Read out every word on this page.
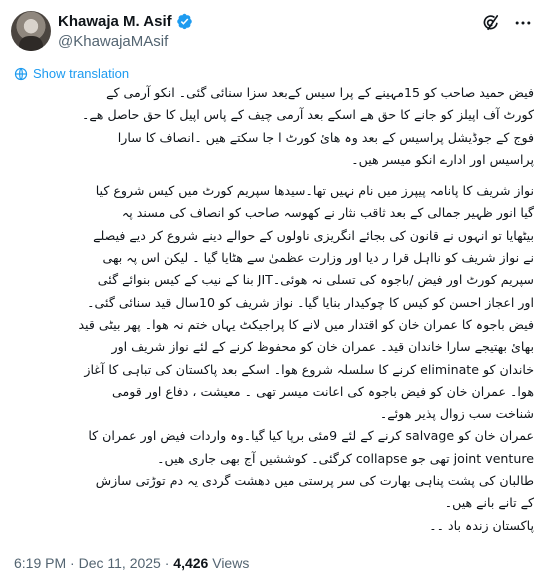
Khawaja M. Asif
@KhawajaMAsif
Show translation
فیض حمید صاحب کو 15مہینے کے پرا سیس کےبعد سزا سنائی گئی۔ انکو آرمی کے
کورٹ آف اپیلز کو جانے کا حق ھے اسکے بعد آرمی چیف کے پاس اپیل کا حق حاصل ھے۔
فوج کے جوڈیشل پراسیس کے بعد وہ ھائ کورٹ ا جا سکتے ھیں ۔انصاف کا سارا
پراسیس اور ادارے انکو میسر ھیں۔
نواز شریف کا پانامہ پیپرز میں نام نہیں تھا۔سیدھا سپریم کورٹ میں کیس شروع کیا
گیا انور ظہیر جمالی کے بعد ثاقب نثار نے کھوسہ صاحب کو انصاف کی مسند پہ
بیٹھایا تو انہوں نے قانون کی بجائے انگریزی ناولوں کے حوالے دینے شروع کر دیے فیصلے
نے نواز شریف کو نااہل قرا ر دیا اور وزارت عظمیٰ سے ھٹایا گیا ۔ لیکن اس پہ بھی
سپریم کورٹ اور فیض /باجوہ کی تسلی نہ ھوئی۔JIT بنا کے نیب کے کیس بنوائے گئی
اور اعجاز احسن کو کیس کا چوکیدار بنایا گیا۔ نواز شریف کو 10سال قید سنائی گئی۔
فیض باجوہ کا عمران خان کو اقتدار میں لانے کا پراجیکٹ یہاں ختم نہ ھوا۔ پھر بیٹی قید
بھائ بھتیجے سارا خاندان قید۔ عمران خان کو محفوظ کرنے کے لئے نواز شریف اور
خاندان کو eliminate کرنے کا سلسلہ شروع ھوا۔ اسکے بعد پاکستان کی تباہی کا آغاز
ھوا۔ عمران خان کو فیض باجوہ کی اعانت میسر تھی ۔ معیشت ، دفاع اور قومی
شناخت سب زوال پذیر ھوئے۔
عمران خان کو salvage کرنے کے لئے 9مئی برپا کیا گیا۔وہ واردات فیض اور عمران کا
joint venture تھی جو collapse کرگئی۔ کوششیں آج بھی جاری ھیں۔
طالبان کی پشت پناہی بھارت کی سر پرستی میں دھشت گردی یہ دم توڑتی سازش
کے تانے بانے ھیں۔
پاکستان زندہ باد ۔۔
6:19 PM · Dec 11, 2025 · 4,426 Views
